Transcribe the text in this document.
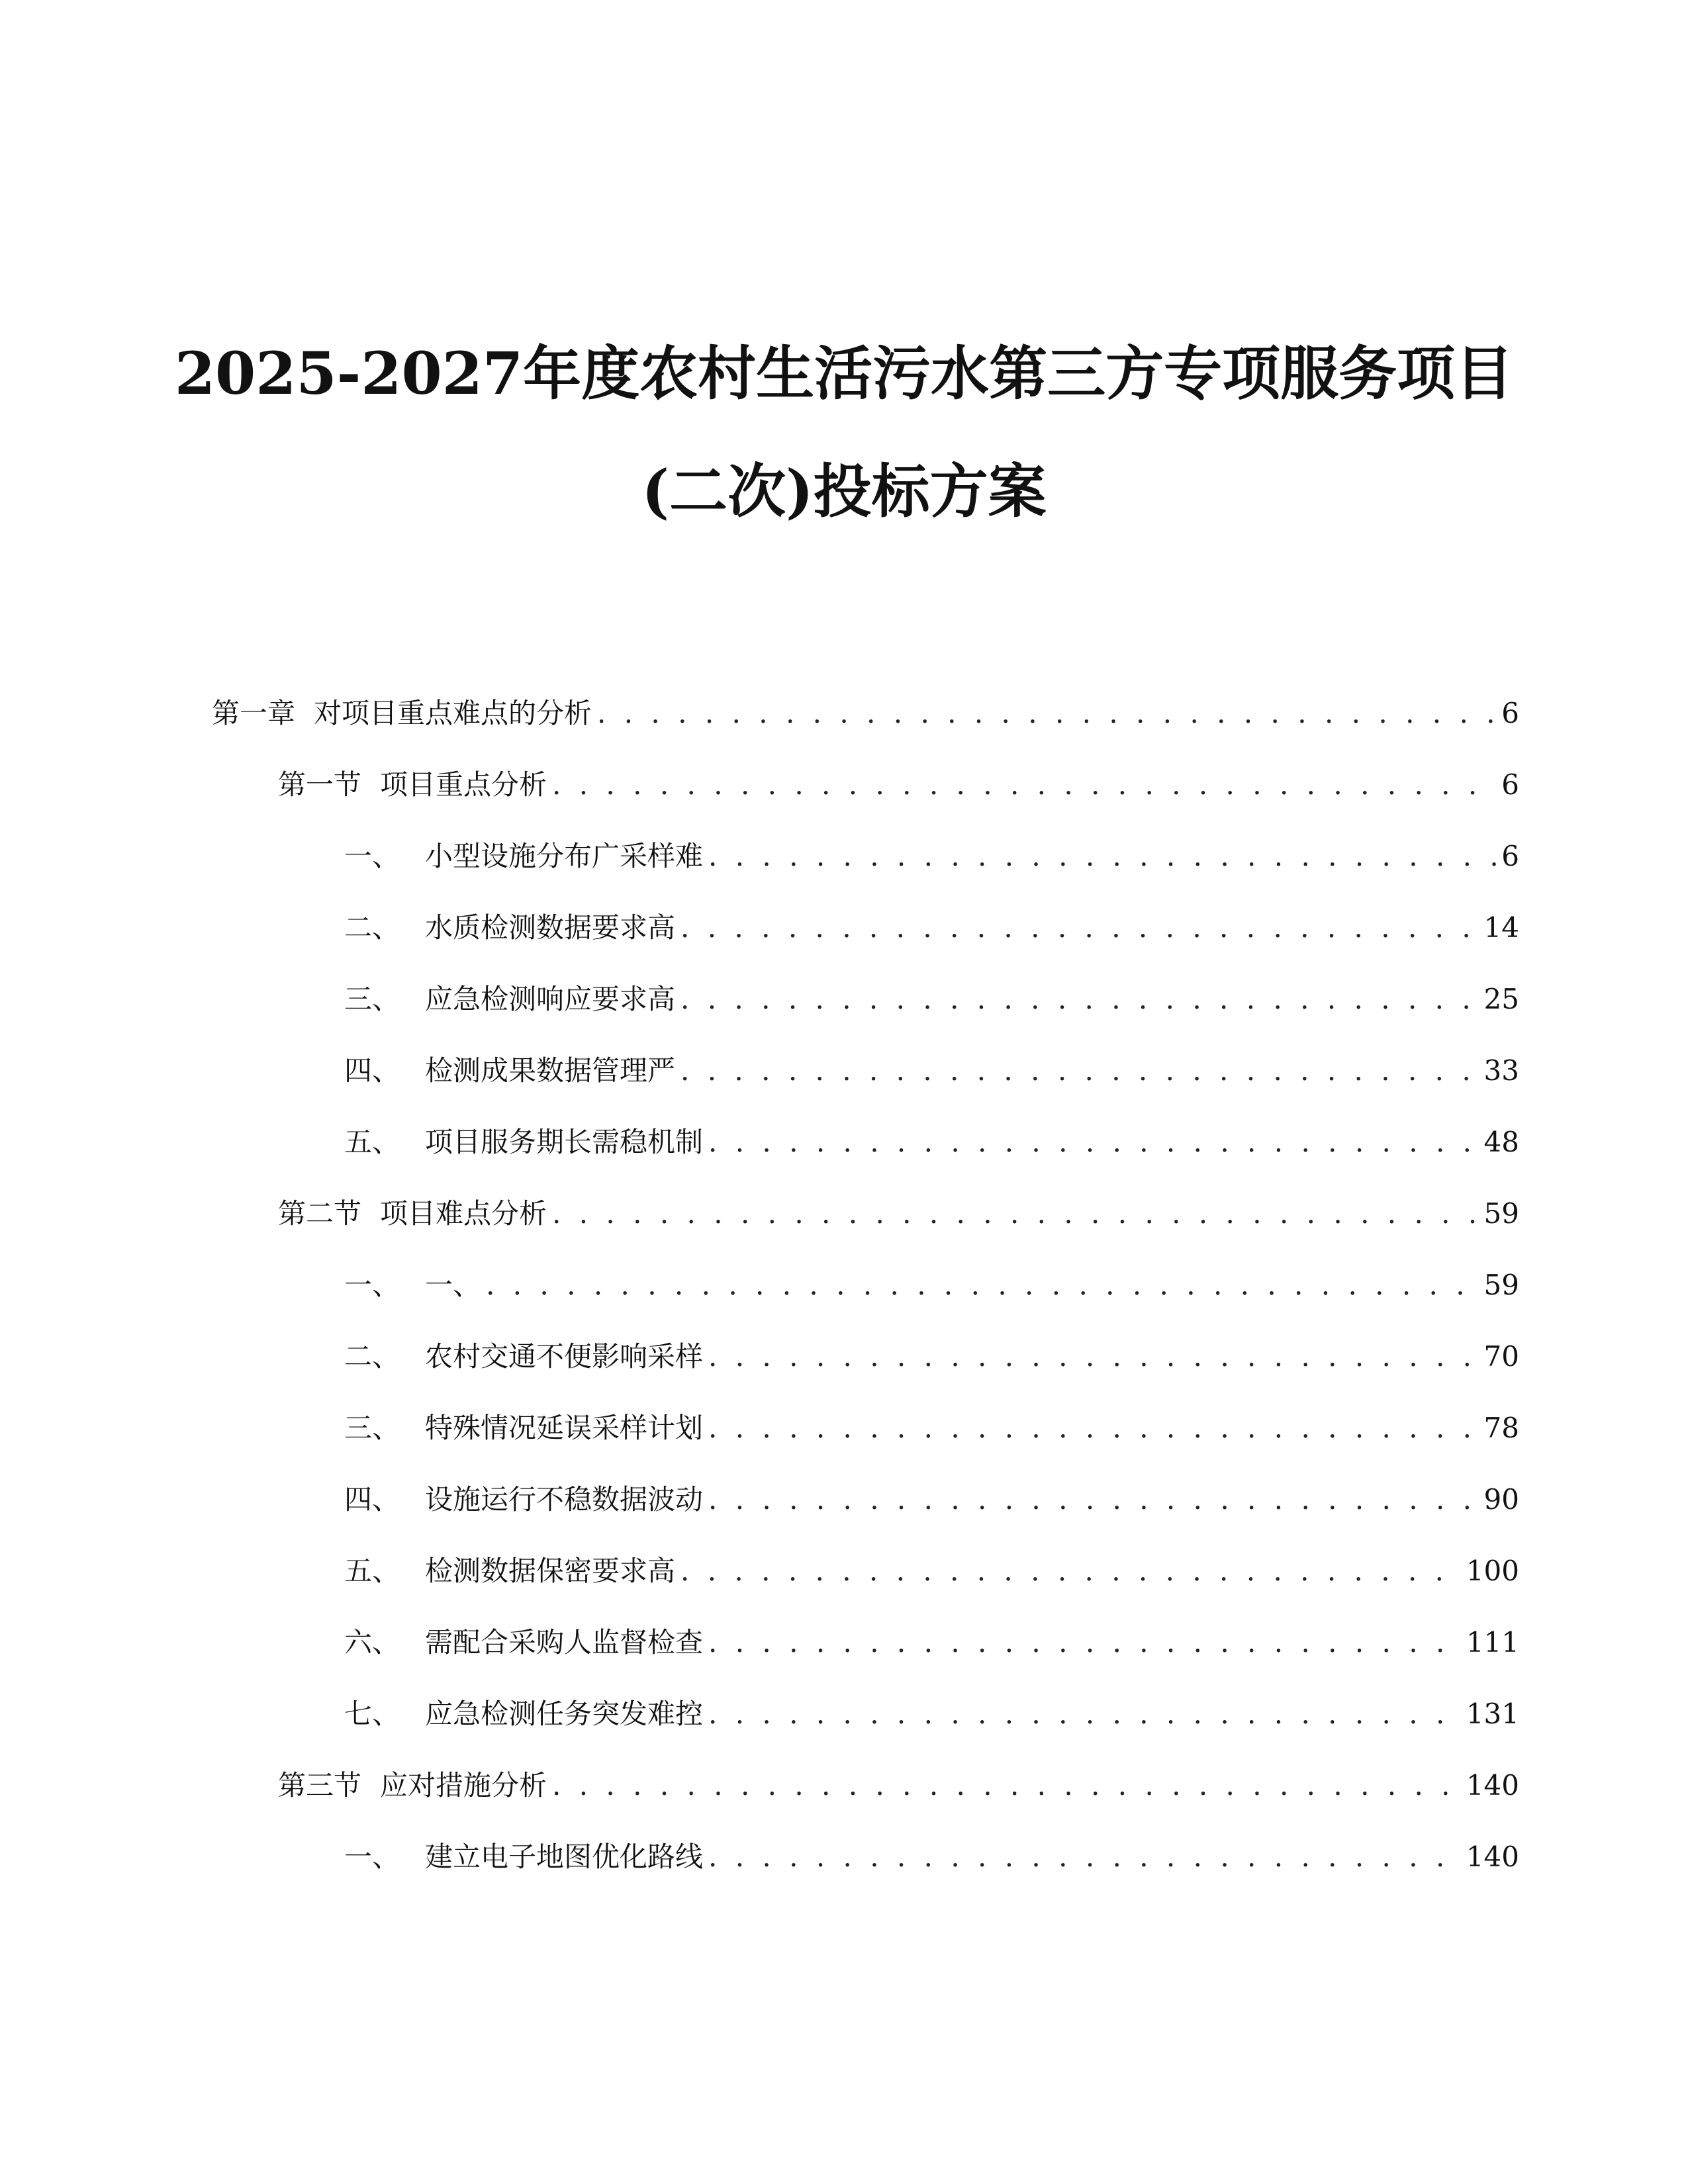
2025-2027年度农村生活污水第三方专项服务项目
(二次)投标方案
第一章 对项目重点难点的分析 . . .	6
第一节 项目重点分析 . . .	6
一、 小型设施分布广采样难 . . .	6
二、 水质检测数据要求高 . . .	14
三、 应急检测响应要求高 . . .	25
四、 检测成果数据管理严 . . .	33
五、 项目服务期长需稳机制 . . .	48
第二节 项目难点分析 . . .	59
一、 一、 . . .	59
二、 农村交通不便影响采样 . . .	70
三、 特殊情况延误采样计划 . . .	78
四、 设施运行不稳数据波动 . . .	90
五、 检测数据保密要求高 . . .	100
六、 需配合采购人监督检查 . . .	111
七、 应急检测任务突发难控 . . .	131
第三节 应对措施分析 . . .	140
一、 建立电子地图优化路线 . . .	140
